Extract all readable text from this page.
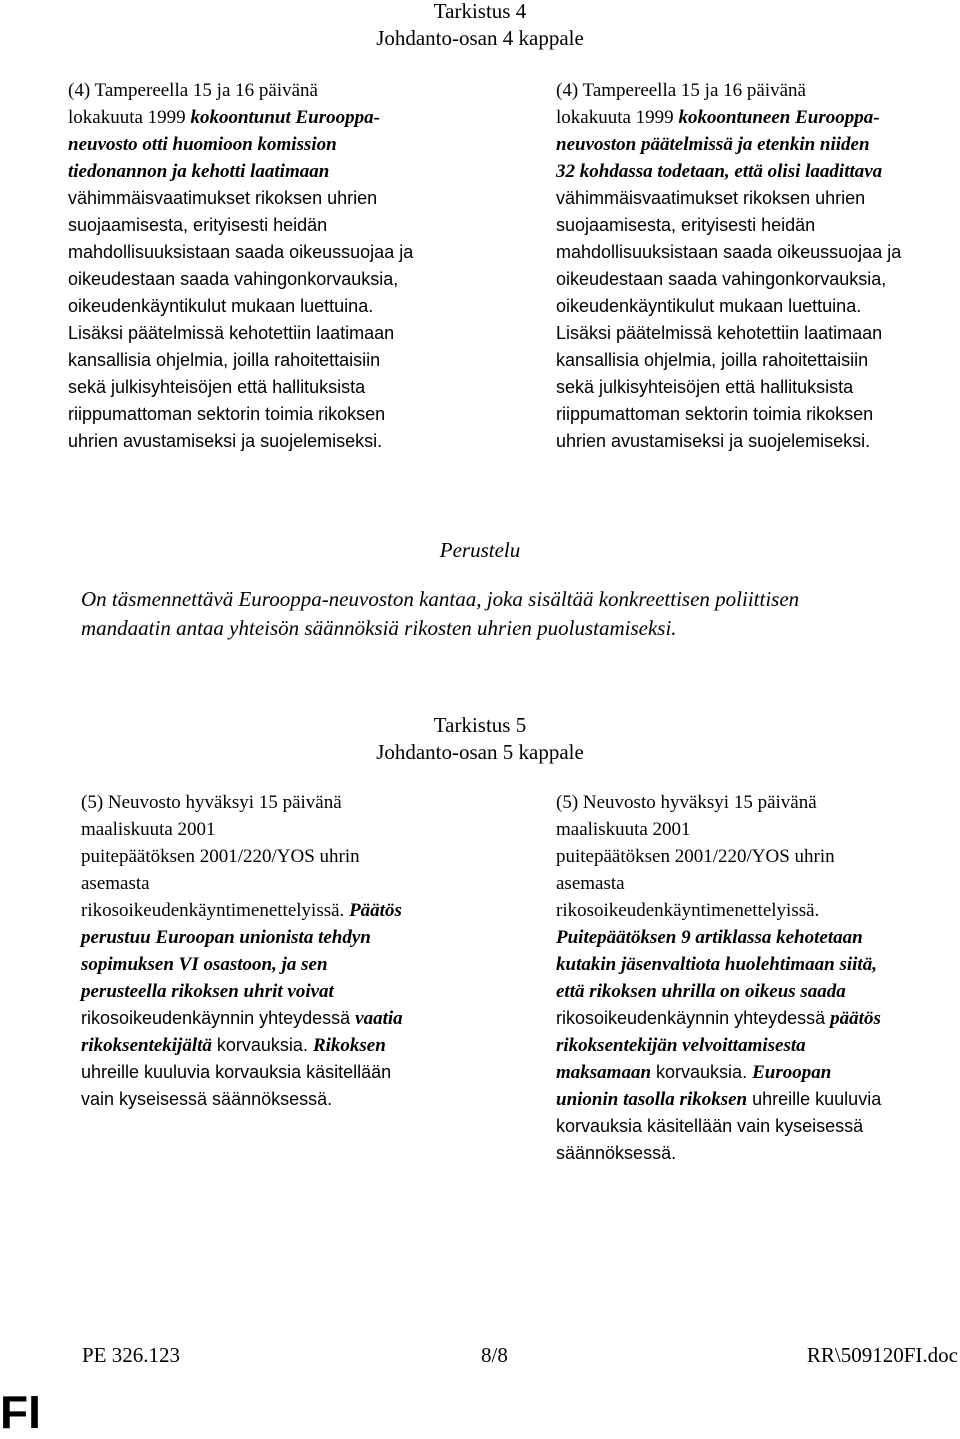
Tarkistus 4
Johdanto-osan 4 kappale
(4) Tampereella 15 ja 16 päivänä
lokakuuta 1999 kokoontunut Eurooppa-
neuvosto otti huomioon komission
tiedonannon ja kehotti laatimaan
vähimmäisvaatimukset rikoksen uhrien
suojaamisesta, erityisesti heidän
mahdollisuuksistaan saada oikeussuojaa ja
oikeudestaan saada vahingonkorvauksia,
oikeudenkäyntikulut mukaan luettuina.
Lisäksi päätelmissä kehotettiin laatimaan
kansallisia ohjelmia, joilla rahoitettaisiin
sekä julkisyhteisöjen että hallituksista
riippumattoman sektorin toimia rikoksen
uhrien avustamiseksi ja suojelemiseksi.
(4) Tampereella 15 ja 16 päivänä
lokakuuta 1999 kokoontuneen Eurooppa-
neuvoston päätelmissä ja etenkin niiden
32 kohdassa todetaan, että olisi laadittava
vähimmäisvaatimukset rikoksen uhrien
suojaamisesta, erityisesti heidän
mahdollisuuksistaan saada oikeussuojaa ja
oikeudestaan saada vahingonkorvauksia,
oikeudenkäyntikulut mukaan luettuina.
Lisäksi päätelmissä kehotettiin laatimaan
kansallisia ohjelmia, joilla rahoitettaisiin
sekä julkisyhteisöjen että hallituksista
riippumattoman sektorin toimia rikoksen
uhrien avustamiseksi ja suojelemiseksi.
Perustelu
On täsmennettävä Eurooppa-neuvoston kantaa, joka sisältää konkreettisen poliittisen
mandaatin antaa yhteisön säännöksiä rikosten uhrien puolustamiseksi.
Tarkistus 5
Johdanto-osan 5 kappale
(5) Neuvosto hyväksyi 15 päivänä
maaliskuuta 2001
puitepäätöksen 2001/220/YOS uhrin
asemasta
rikosoikeudenkäyntimenettelyissä. Päätös
perustuu Euroopan unionista tehdyn
sopimuksen VI osastoon, ja sen
perusteella rikoksen uhrit voivat
rikosoikeudenkäynnin yhteydessä vaatia
rikoksentekijältä korvauksia. Rikoksen
uhreille kuuluvia korvauksia käsitellään
vain kyseisessä säännöksessä.
(5) Neuvosto hyväksyi 15 päivänä
maaliskuuta 2001
puitepäätöksen 2001/220/YOS uhrin
asemasta
rikosoikeudenkäyntimenettelyissä.
Puitepäätöksen 9 artiklassa kehotetaan
kutakin jäsenvaltiota huolehtimaan siitä,
että rikoksen uhrilla on oikeus saada
rikosoikeudenkäynnin yhteydessä päätös
rikoksentekijän velvoittamisesta
maksamaan korvauksia. Euroopan
unionin tasolla rikoksen uhreille kuuluvia
korvauksia käsitellään vain kyseisessä
säännöksessä.
PE 326.123	8/8	RR\509120FI.doc
FI
